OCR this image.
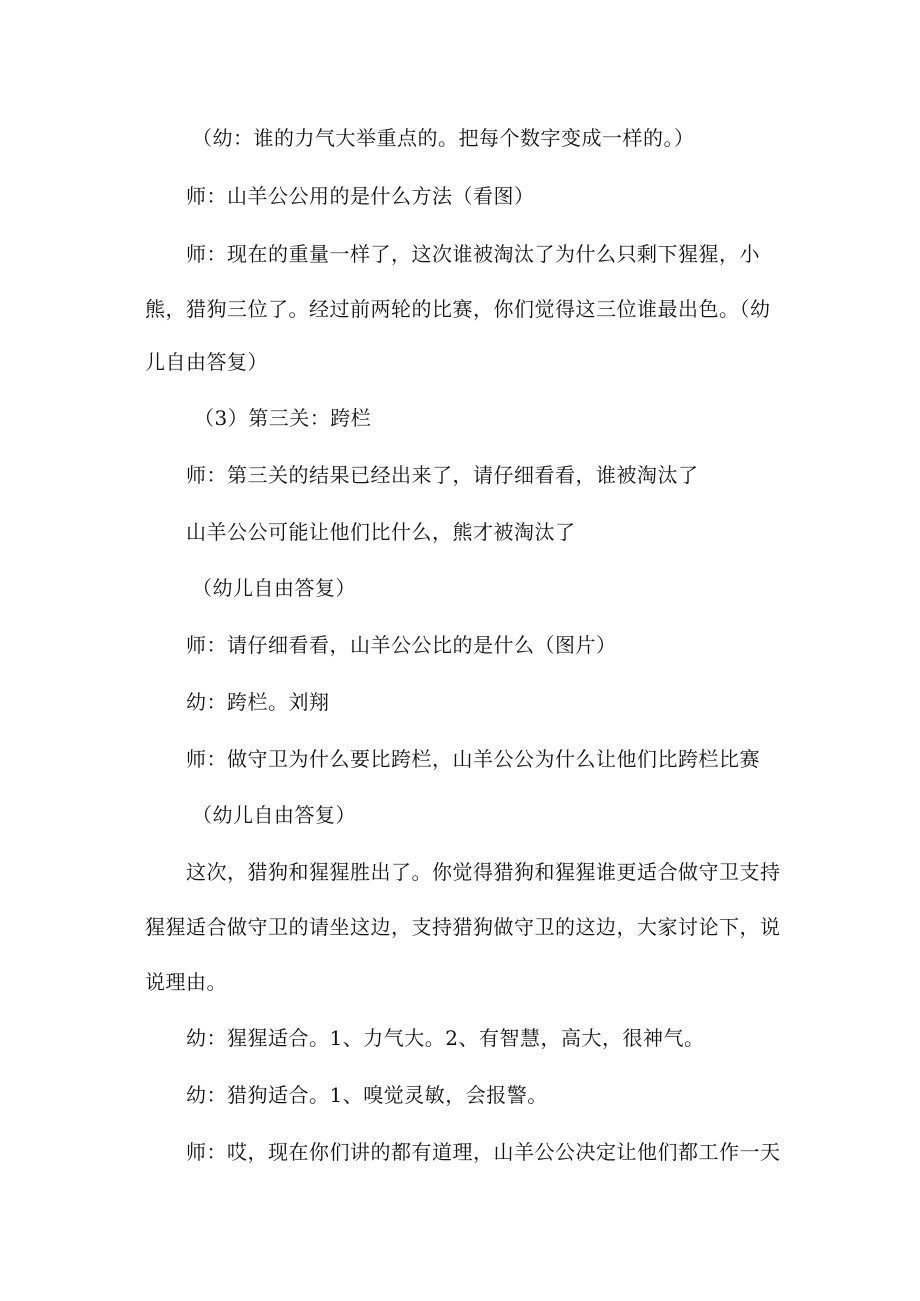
（幼：谁的力气大举重点的。把每个数字变成一样的。）
师：山羊公公用的是什么方法（看图）
师：现在的重量一样了，这次谁被淘汰了为什么只剩下猩猩，小
熊，猎狗三位了。经过前两轮的比赛，你们觉得这三位谁最出色。（幼
儿自由答复）
（3）第三关：跨栏
师：第三关的结果已经出来了，请仔细看看，谁被淘汰了
山羊公公可能让他们比什么，熊才被淘汰了
（幼儿自由答复）
师：请仔细看看，山羊公公比的是什么（图片）
幼：跨栏。刘翔
师：做守卫为什么要比跨栏，山羊公公为什么让他们比跨栏比赛
（幼儿自由答复）
这次，猎狗和猩猩胜出了。你觉得猎狗和猩猩谁更适合做守卫支持
猩猩适合做守卫的请坐这边，支持猎狗做守卫的这边，大家讨论下，说
说理由。
幼：猩猩适合。1、力气大。2、有智慧，高大，很神气。
幼：猎狗适合。1、嗅觉灵敏，会报警。
师：哎，现在你们讲的都有道理，山羊公公决定让他们都工作一天
